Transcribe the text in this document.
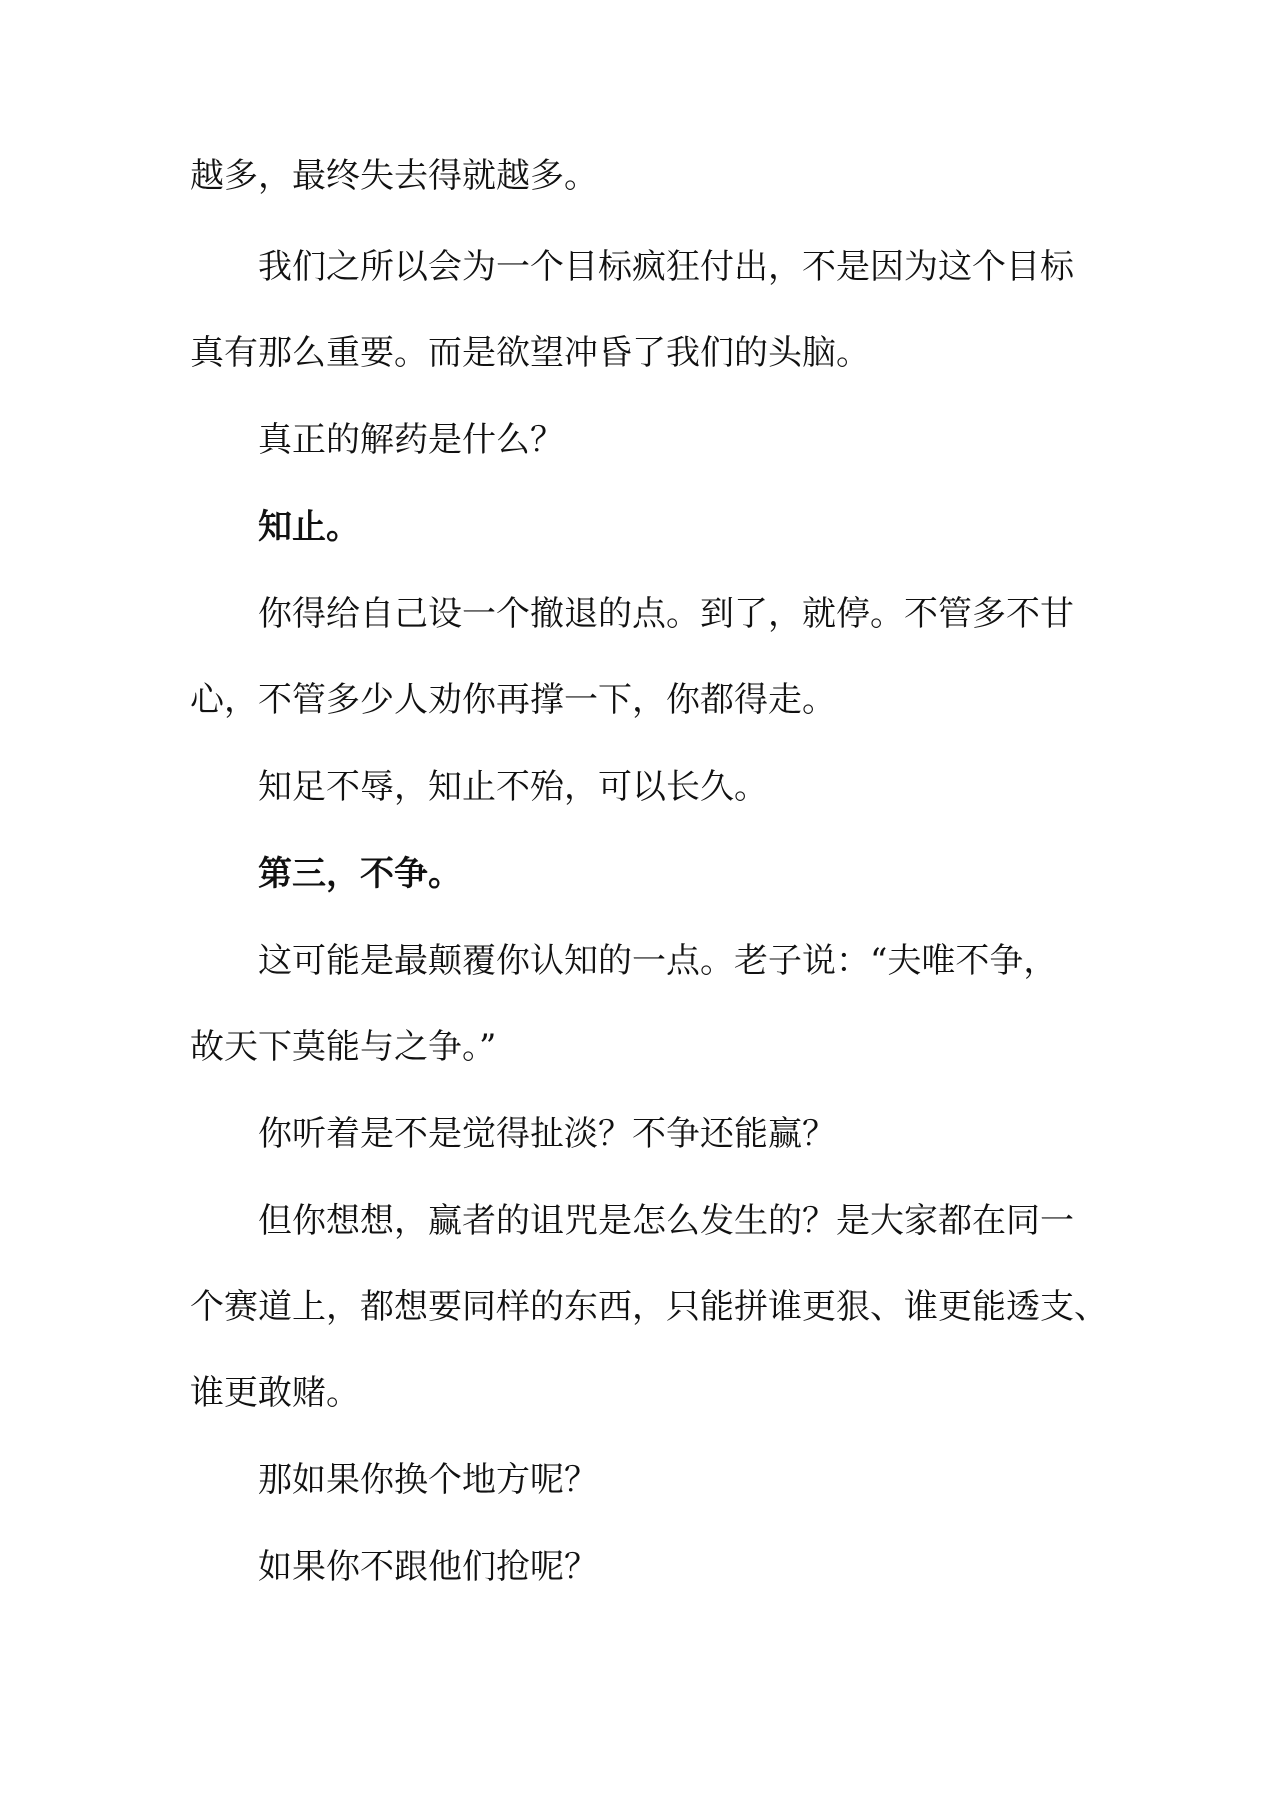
越多，最终失去得就越多。
我们之所以会为一个目标疯狂付出，不是因为这个目标
真有那么重要。而是欲望冲昏了我们的头脑。
真正的解药是什么？
知止。
你得给自己设一个撤退的点。到了，就停。不管多不甘
心，不管多少人劝你再撑一下，你都得走。
知足不辱，知止不殆，可以长久。
第三，不争。
这可能是最颠覆你认知的一点。老子说：“夫唯不争，
故天下莫能与之争。”
你听着是不是觉得扯淡？不争还能赢？
但你想想，赢者的诅咒是怎么发生的？是大家都在同一
个赛道上，都想要同样的东西，只能拼谁更狠、谁更能透支、
谁更敢赌。
那如果你换个地方呢？
如果你不跟他们抢呢？
